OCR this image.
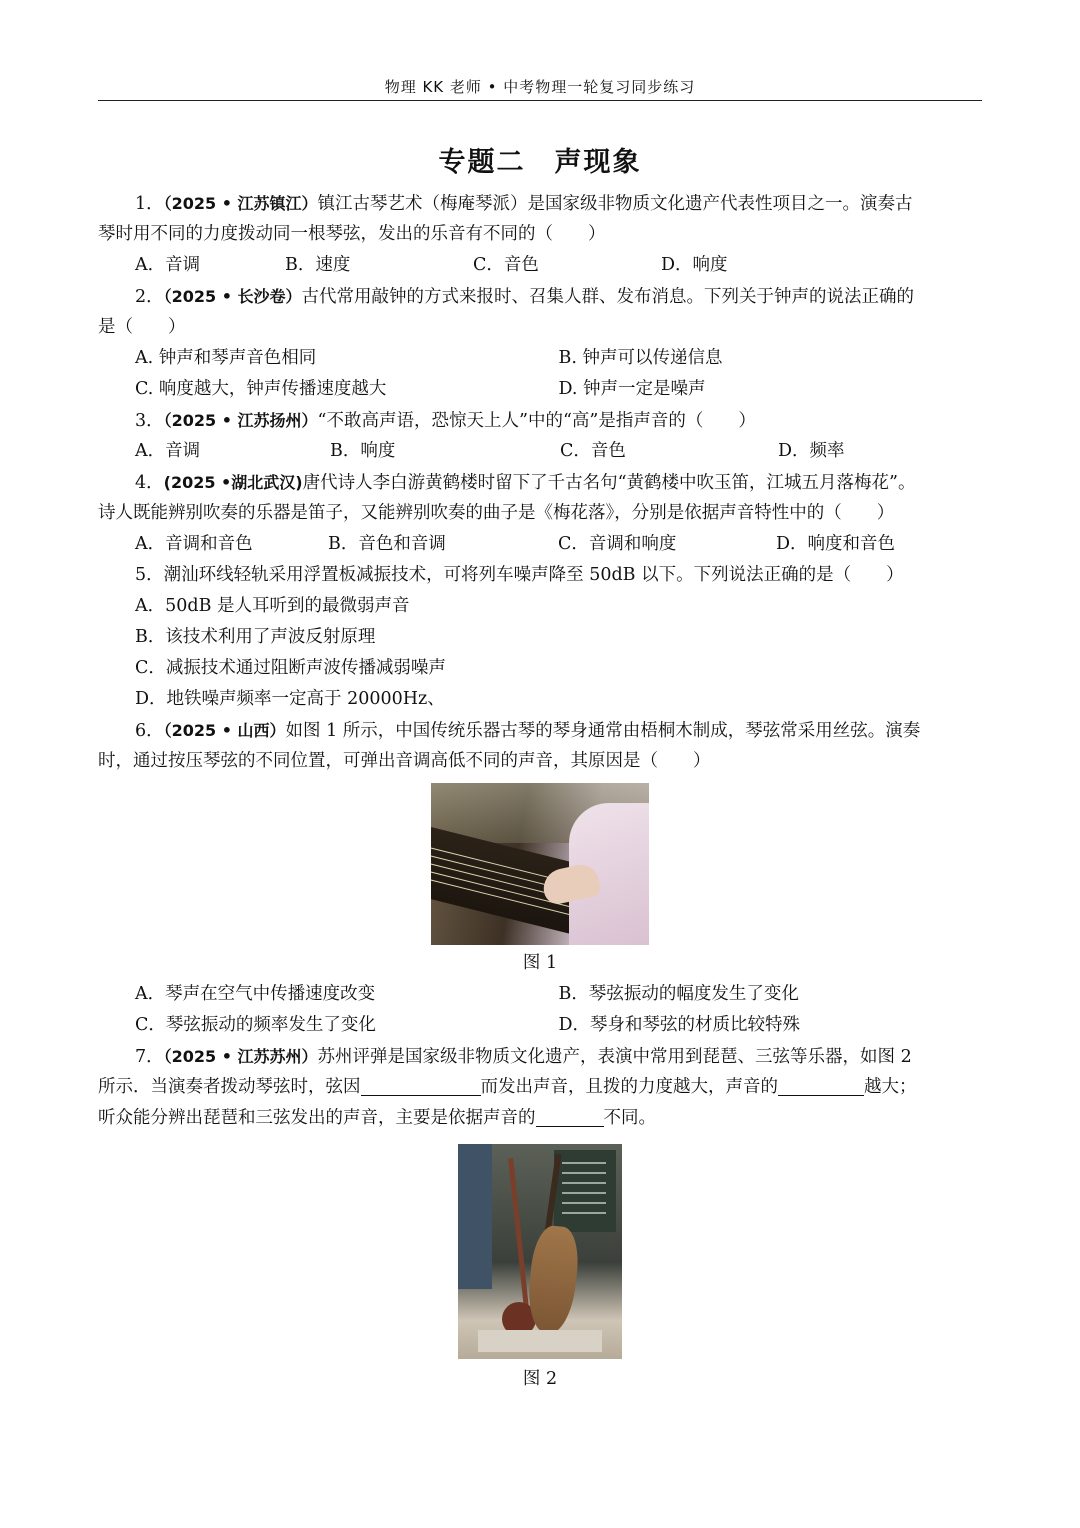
物理 KK 老师 • 中考物理一轮复习同步练习
专题二　声现象
1．（2025 • 江苏镇江）镇江古琴艺术（梅庵琴派）是国家级非物质文化遗产代表性项目之一。演奏古
琴时用不同的力度拨动同一根琴弦，发出的乐音有不同的（　　）
A．音调	B．速度	C．音色	D．响度
2．（2025 • 长沙卷）古代常用敲钟的方式来报时、召集人群、发布消息。下列关于钟声的说法正确的
是（　　）
A. 钟声和琴声音色相同	B. 钟声可以传递信息
C. 响度越大，钟声传播速度越大	D. 钟声一定是噪声
3．（2025 • 江苏扬州）“不敢高声语，恐惊天上人”中的“高”是指声音的（　　）
A．音调	B．响度	C．音色	D．频率
4．(2025 •湖北武汉)唐代诗人李白游黄鹤楼时留下了千古名句“黄鹤楼中吹玉笛，江城五月落梅花”。
诗人既能辨别吹奏的乐器是笛子，又能辨别吹奏的曲子是《梅花落》，分别是依据声音特性中的（　　）
A．音调和音色	B．音色和音调	C．音调和响度	D．响度和音色
5．潮汕环线轻轨采用浮置板减振技术，可将列车噪声降至 50dB 以下。下列说法正确的是（　　）
A．50dB 是人耳听到的最微弱声音
B．该技术利用了声波反射原理
C．减振技术通过阻断声波传播减弱噪声
D．地铁噪声频率一定高于 20000Hz、
6．（2025 • 山西）如图 1 所示，中国传统乐器古琴的琴身通常由梧桐木制成，琴弦常采用丝弦。演奏
时，通过按压琴弦的不同位置，可弹出音调高低不同的声音，其原因是（　　）
图 1
A．琴声在空气中传播速度改变	B．琴弦振动的幅度发生了变化
C．琴弦振动的频率发生了变化	D．琴身和琴弦的材质比较特殊
7．（2025 • 江苏苏州）苏州评弹是国家级非物质文化遗产，表演中常用到琵琶、三弦等乐器，如图 2
所示．当演奏者拨动琴弦时，弦因	而发出声音，且拨的力度越大，声音的	越大；
听众能分辨出琵琶和三弦发出的声音，主要是依据声音的	不同。
图 2
